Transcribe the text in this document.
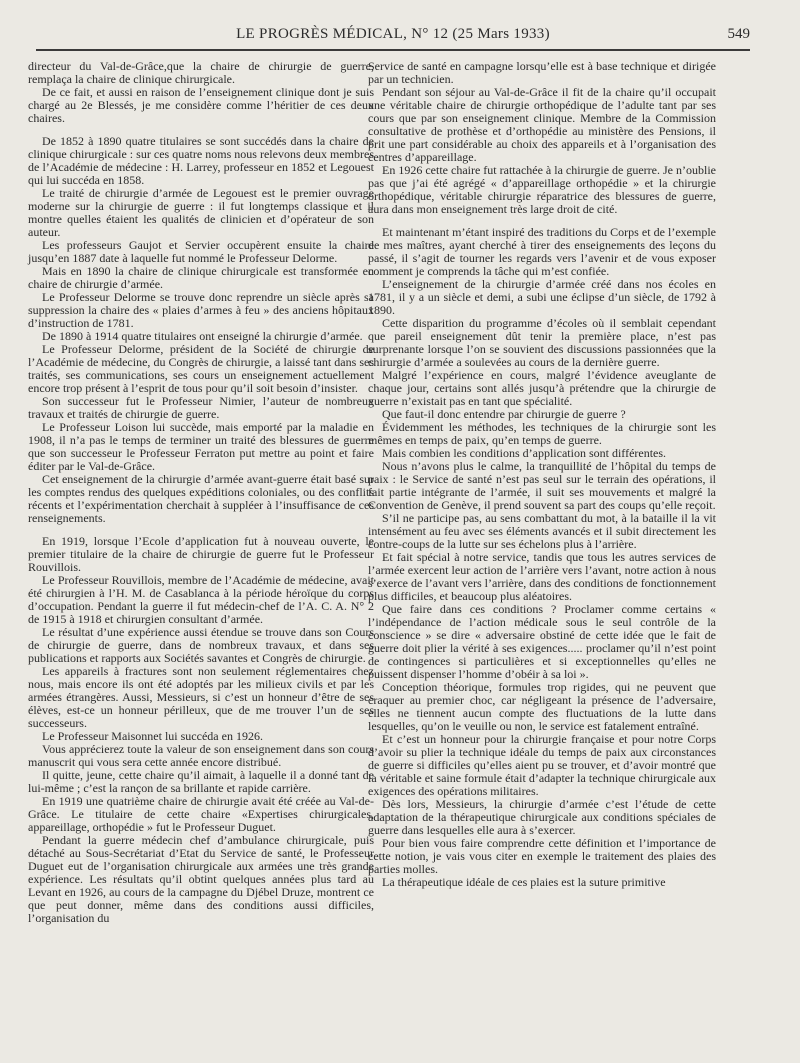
LE PROGRÈS MÉDICAL, N° 12 (25 Mars 1933)	549

directeur du Val-de-Grâce,que la chaire de chirurgie de guerre, remplaça la chaire de clinique chirurgicale.

De ce fait, et aussi en raison de l’enseignement clinique dont je suis chargé au 2e Blessés, je me considère comme l’héritier de ces deux chaires.

De 1852 à 1890 quatre titulaires se sont succédés dans la chaire de clinique chirurgicale : sur ces quatre noms nous relevons deux membres de l’Académie de médecine : H. Larrey, professeur en 1852 et Legouest qui lui succéda en 1858.

Le traité de chirurgie d’armée de Legouest est le premier ouvrage moderne sur la chirurgie de guerre : il fut longtemps classique et il montre quelles étaient les qualités de clinicien et d’opérateur de son auteur.

Les professeurs Gaujot et Servier occupèrent ensuite la chaire jusqu’en 1887 date à laquelle fut nommé le Professeur Delorme.

Mais en 1890 la chaire de clinique chirurgicale est transformée en chaire de chirurgie d’armée.

Le Professeur Delorme se trouve donc reprendre un siècle après sa suppression la chaire des « plaies d’armes à feu » des anciens hôpitaux d’instruction de 1781.

De 1890 à 1914 quatre titulaires ont enseigné la chirurgie d’armée.

Le Professeur Delorme, président de la Société de chirurgie de l’Académie de médecine, du Congrès de chirurgie, a laissé tant dans ses traités, ses communications, ses cours un enseignement actuellement encore trop présent à l’esprit de tous pour qu’il soit besoin d’insister.

Son successeur fut le Professeur Nimier, l’auteur de nombreux travaux et traités de chirurgie de guerre.

Le Professeur Loison lui succède, mais emporté par la maladie en 1908, il n’a pas le temps de terminer un traité des blessures de guerre que son successeur le Professeur Ferraton put mettre au point et faire éditer par le Val-de-Grâce.

Cet enseignement de la chirurgie d’armée avant-guerre était basé sur les comptes rendus des quelques expéditions coloniales, ou des conflits récents et l’expérimentation cherchait à suppléer à l’insuffisance de ces renseignements.

En 1919, lorsque l’Ecole d’application fut à nouveau ouverte, le premier titulaire de la chaire de chirurgie de guerre fut le Professeur Rouvillois.

Le Professeur Rouvillois, membre de l’Académie de médecine, avait été chirurgien à l’H. M. de Casablanca à la période héroïque du corps d’occupation. Pendant la guerre il fut médecin-chef de l’A. C. A. N° 2 de 1915 à 1918 et chirurgien consultant d’armée.

Le résultat d’une expérience aussi étendue se trouve dans son Cours de chirurgie de guerre, dans de nombreux travaux, et dans ses publications et rapports aux Sociétés savantes et Congrès de chirurgie.

Les appareils à fractures sont non seulement réglementaires chez nous, mais encore ils ont été adoptés par les milieux civils et par les armées étrangères. Aussi, Messieurs, si c’est un honneur d’être de ses élèves, est-ce un honneur périlleux, que de me trouver l’un de ses successeurs.

Le Professeur Maisonnet lui succéda en 1926.

Vous apprécierez toute la valeur de son enseignement dans son cours manuscrit qui vous sera cette année encore distribué.

Il quitte, jeune, cette chaire qu’il aimait, à laquelle il a donné tant de lui-même ; c’est la rançon de sa brillante et rapide carrière.

En 1919 une quatrième chaire de chirurgie avait été créée au Val-de-Grâce. Le titulaire de cette chaire «Expertises chirurgicales, appareillage, orthopédie » fut le Professeur Duguet.

Pendant la guerre médecin chef d’ambulance chirurgicale, puis détaché au Sous-Secrétariat d’Etat du Service de santé, le Professeur Duguet eut de l’organisation chirurgicale aux armées une très grande expérience. Les résultats qu’il obtint quelques années plus tard au Levant en 1926, au cours de la campagne du Djébel Druze, montrent ce que peut donner, même dans des conditions aussi difficiles, l’organisation du

Service de santé en campagne lorsqu’elle est à base technique et dirigée par un technicien.

Pendant son séjour au Val-de-Grâce il fit de la chaire qu’il occupait une véritable chaire de chirurgie orthopédique de l’adulte tant par ses cours que par son enseignement clinique. Membre de la Commission consultative de prothèse et d’orthopédie au ministère des Pensions, il prit une part considérable au choix des appareils et à l’organisation des centres d’appareillage.

En 1926 cette chaire fut rattachée à la chirurgie de guerre. Je n’oublie pas que j’ai été agrégé « d’appareillage orthopédie » et la chirurgie orthopédique, véritable chirurgie réparatrice des blessures de guerre, aura dans mon enseignement très large droit de cité.

Et maintenant m’étant inspiré des traditions du Corps et de l’exemple de mes maîtres, ayant cherché à tirer des enseignements des leçons du passé, il s’agit de tourner les regards vers l’avenir et de vous exposer comment je comprends la tâche qui m’est confiée.

L’enseignement de la chirurgie d’armée créé dans nos écoles en 1781, il y a un siècle et demi, a subi une éclipse d’un siècle, de 1792 à 1890.

Cette disparition du programme d’écoles où il semblait cependant que pareil enseignement dût tenir la première place, n’est pas surprenante lorsque l’on se souvient des discussions passionnées que la chirurgie d’armée a soulevées au cours de la dernière guerre.

Malgré l’expérience en cours, malgré l’évidence aveuglante de chaque jour, certains sont allés jusqu’à prétendre que la chirurgie de guerre n’existait pas en tant que spécialité.

Que faut-il donc entendre par chirurgie de guerre ?

Évidemment les méthodes, les techniques de la chirurgie sont les mêmes en temps de paix, qu’en temps de guerre.

Mais combien les conditions d’application sont différentes.

Nous n’avons plus le calme, la tranquillité de l’hôpital du temps de paix : le Service de santé n’est pas seul sur le terrain des opérations, il fait partie intégrante de l’armée, il suit ses mouvements et malgré la Convention de Genève, il prend souvent sa part des coups qu’elle reçoit.

S’il ne participe pas, au sens combattant du mot, à la bataille il la vit intensément au feu avec ses éléments avancés et il subit directement les contre-coups de la lutte sur ses échelons plus à l’arrière.

Et fait spécial à notre service, tandis que tous les autres services de l’armée exercent leur action de l’arrière vers l’avant, notre action à nous s’exerce de l’avant vers l’arrière, dans des conditions de fonctionnement plus difficiles, et beaucoup plus aléatoires.

Que faire dans ces conditions ? Proclamer comme certains « l’indépendance de l’action médicale sous le seul contrôle de la conscience » se dire « adversaire obstiné de cette idée que le fait de guerre doit plier la vérité à ses exigences..... proclamer qu’il n’est point de contingences si particulières et si exceptionnelles qu’elles ne puissent dispenser l’homme d’obéir à sa loi ».

Conception théorique, formules trop rigides, qui ne peuvent que craquer au premier choc, car négligeant la présence de l’adversaire, elles ne tiennent aucun compte des fluctuations de la lutte dans lesquelles, qu’on le veuille ou non, le service est fatalement entraîné.

Et c’est un honneur pour la chirurgie française et pour notre Corps d’avoir su plier la technique idéale du temps de paix aux circonstances de guerre si difficiles qu’elles aient pu se trouver, et d’avoir montré que la véritable et saine formule était d’adapter la technique chirurgicale aux exigences des opérations militaires.

Dès lors, Messieurs, la chirurgie d’armée c’est l’étude de cette adaptation de la thérapeutique chirurgicale aux conditions spéciales de guerre dans lesquelles elle aura à s’exercer.

Pour bien vous faire comprendre cette définition et l’importance de cette notion, je vais vous citer en exemple le traitement des plaies des parties molles.

La thérapeutique idéale de ces plaies est la suture primitive
